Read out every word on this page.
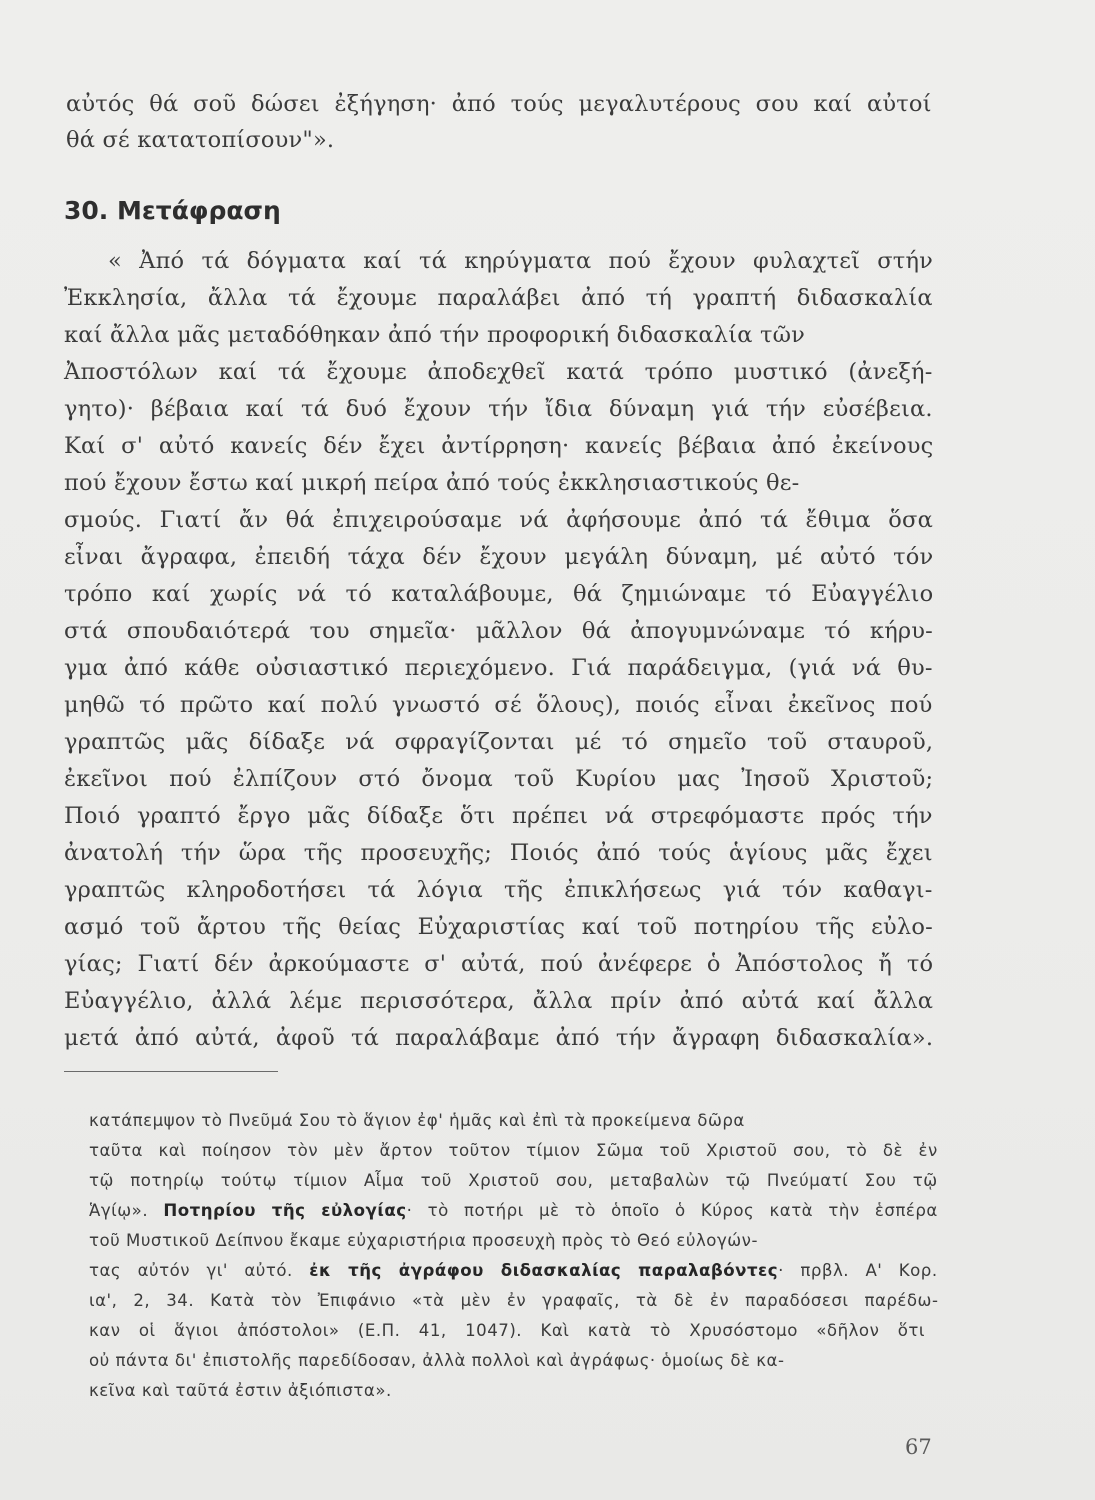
αὐτός θά σοῦ δώσει ἐξήγηση· ἀπό τούς μεγαλυτέρους σου καί αὐτοί
θά σέ κατατοπίσουν"».
30. Μετάφραση
« Ἀπό τά δόγματα καί τά κηρύγματα πού ἔχουν φυλαχτεῖ στήν
Ἐκκλησία, ἄλλα τά ἔχουμε παραλάβει ἀπό τή γραπτή διδασκαλία
καί ἄλλα μᾶς μεταδόθηκαν ἀπό τήν προφορική διδασκαλία τῶν
Ἀποστόλων καί τά ἔχουμε ἀποδεχθεῖ κατά τρόπο μυστικό (ἀνεξή-
γητο)· βέβαια καί τά δυό ἔχουν τήν ἴδια δύναμη γιά τήν εὐσέβεια.
Καί σ' αὐτό κανείς δέν ἔχει ἀντίρρηση· κανείς βέβαια ἀπό ἐκείνους
πού ἔχουν ἔστω καί μικρή πείρα ἀπό τούς ἐκκλησιαστικούς θε-
σμούς. Γιατί ἄν θά ἐπιχειρούσαμε νά ἀφήσουμε ἀπό τά ἔθιμα ὅσα
εἶναι ἄγραφα, ἐπειδή τάχα δέν ἔχουν μεγάλη δύναμη, μέ αὐτό τόν
τρόπο καί χωρίς νά τό καταλάβουμε, θά ζημιώναμε τό Εὐαγγέλιο
στά σπουδαιότερά του σημεῖα· μᾶλλον θά ἀπογυμνώναμε τό κήρυ-
γμα ἀπό κάθε οὐσιαστικό περιεχόμενο. Γιά παράδειγμα, (γιά νά θυ-
μηθῶ τό πρῶτο καί πολύ γνωστό σέ ὅλους), ποιός εἶναι ἐκεῖνος πού
γραπτῶς μᾶς δίδαξε νά σφραγίζονται μέ τό σημεῖο τοῦ σταυροῦ,
ἐκεῖνοι πού ἐλπίζουν στό ὄνομα τοῦ Κυρίου μας Ἰησοῦ Χριστοῦ;
Ποιό γραπτό ἔργο μᾶς δίδαξε ὅτι πρέπει νά στρεφόμαστε πρός τήν
ἀνατολή τήν ὥρα τῆς προσευχῆς; Ποιός ἀπό τούς ἁγίους μᾶς ἔχει
γραπτῶς κληροδοτήσει τά λόγια τῆς ἐπικλήσεως γιά τόν καθαγι-
ασμό τοῦ ἄρτου τῆς θείας Εὐχαριστίας καί τοῦ ποτηρίου τῆς εὐλο-
γίας; Γιατί δέν ἀρκούμαστε σ' αὐτά, πού ἀνέφερε ὁ Ἀπόστολος ἤ τό
Εὐαγγέλιο, ἀλλά λέμε περισσότερα, ἄλλα πρίν ἀπό αὐτά καί ἄλλα
μετά ἀπό αὐτά, ἀφοῦ τά παραλάβαμε ἀπό τήν ἄγραφη διδασκαλία».
κατάπεμψον τὸ Πνεῦμά Σου τὸ ἅγιον ἐφ' ἡμᾶς καὶ ἐπὶ τὰ προκείμενα δῶρα
ταῦτα καὶ ποίησον τὸν μὲν ἄρτον τοῦτον τίμιον Σῶμα τοῦ Χριστοῦ σου, τὸ δὲ ἐν
τῷ ποτηρίῳ τούτῳ τίμιον Αἷμα τοῦ Χριστοῦ σου, μεταβαλὼν τῷ Πνεύματί Σου τῷ
Ἁγίῳ». Ποτηρίου τῆς εὐλογίας· τὸ ποτήρι μὲ τὸ ὁποῖο ὁ Κύρος κατὰ τὴν ἑσπέρα
τοῦ Μυστικοῦ Δείπνου ἔκαμε εὐχαριστήρια προσευχὴ πρὸς τὸ Θεό εὐλογών-
τας αὐτόν γι' αὐτό. ἐκ τῆς ἀγράφου διδασκαλίας παραλαβόντες· πρβλ. Α' Κορ.
ια', 2, 34. Κατὰ τὸν Ἐπιφάνιο «τὰ μὲν ἐν γραφαῖς, τὰ δὲ ἐν παραδόσεσι παρέδω-
καν οἱ ἅγιοι ἀπόστολοι» (Ε.Π. 41, 1047). Καὶ κατὰ τὸ Χρυσόστομο «δῆλον ὅτι
οὐ πάντα δι' ἐπιστολῆς παρεδίδοσαν, ἀλλὰ πολλοὶ καὶ ἀγράφως· ὁμοίως δὲ κα-
κεῖνα καὶ ταῦτά ἐστιν ἀξιόπιστα».
67
